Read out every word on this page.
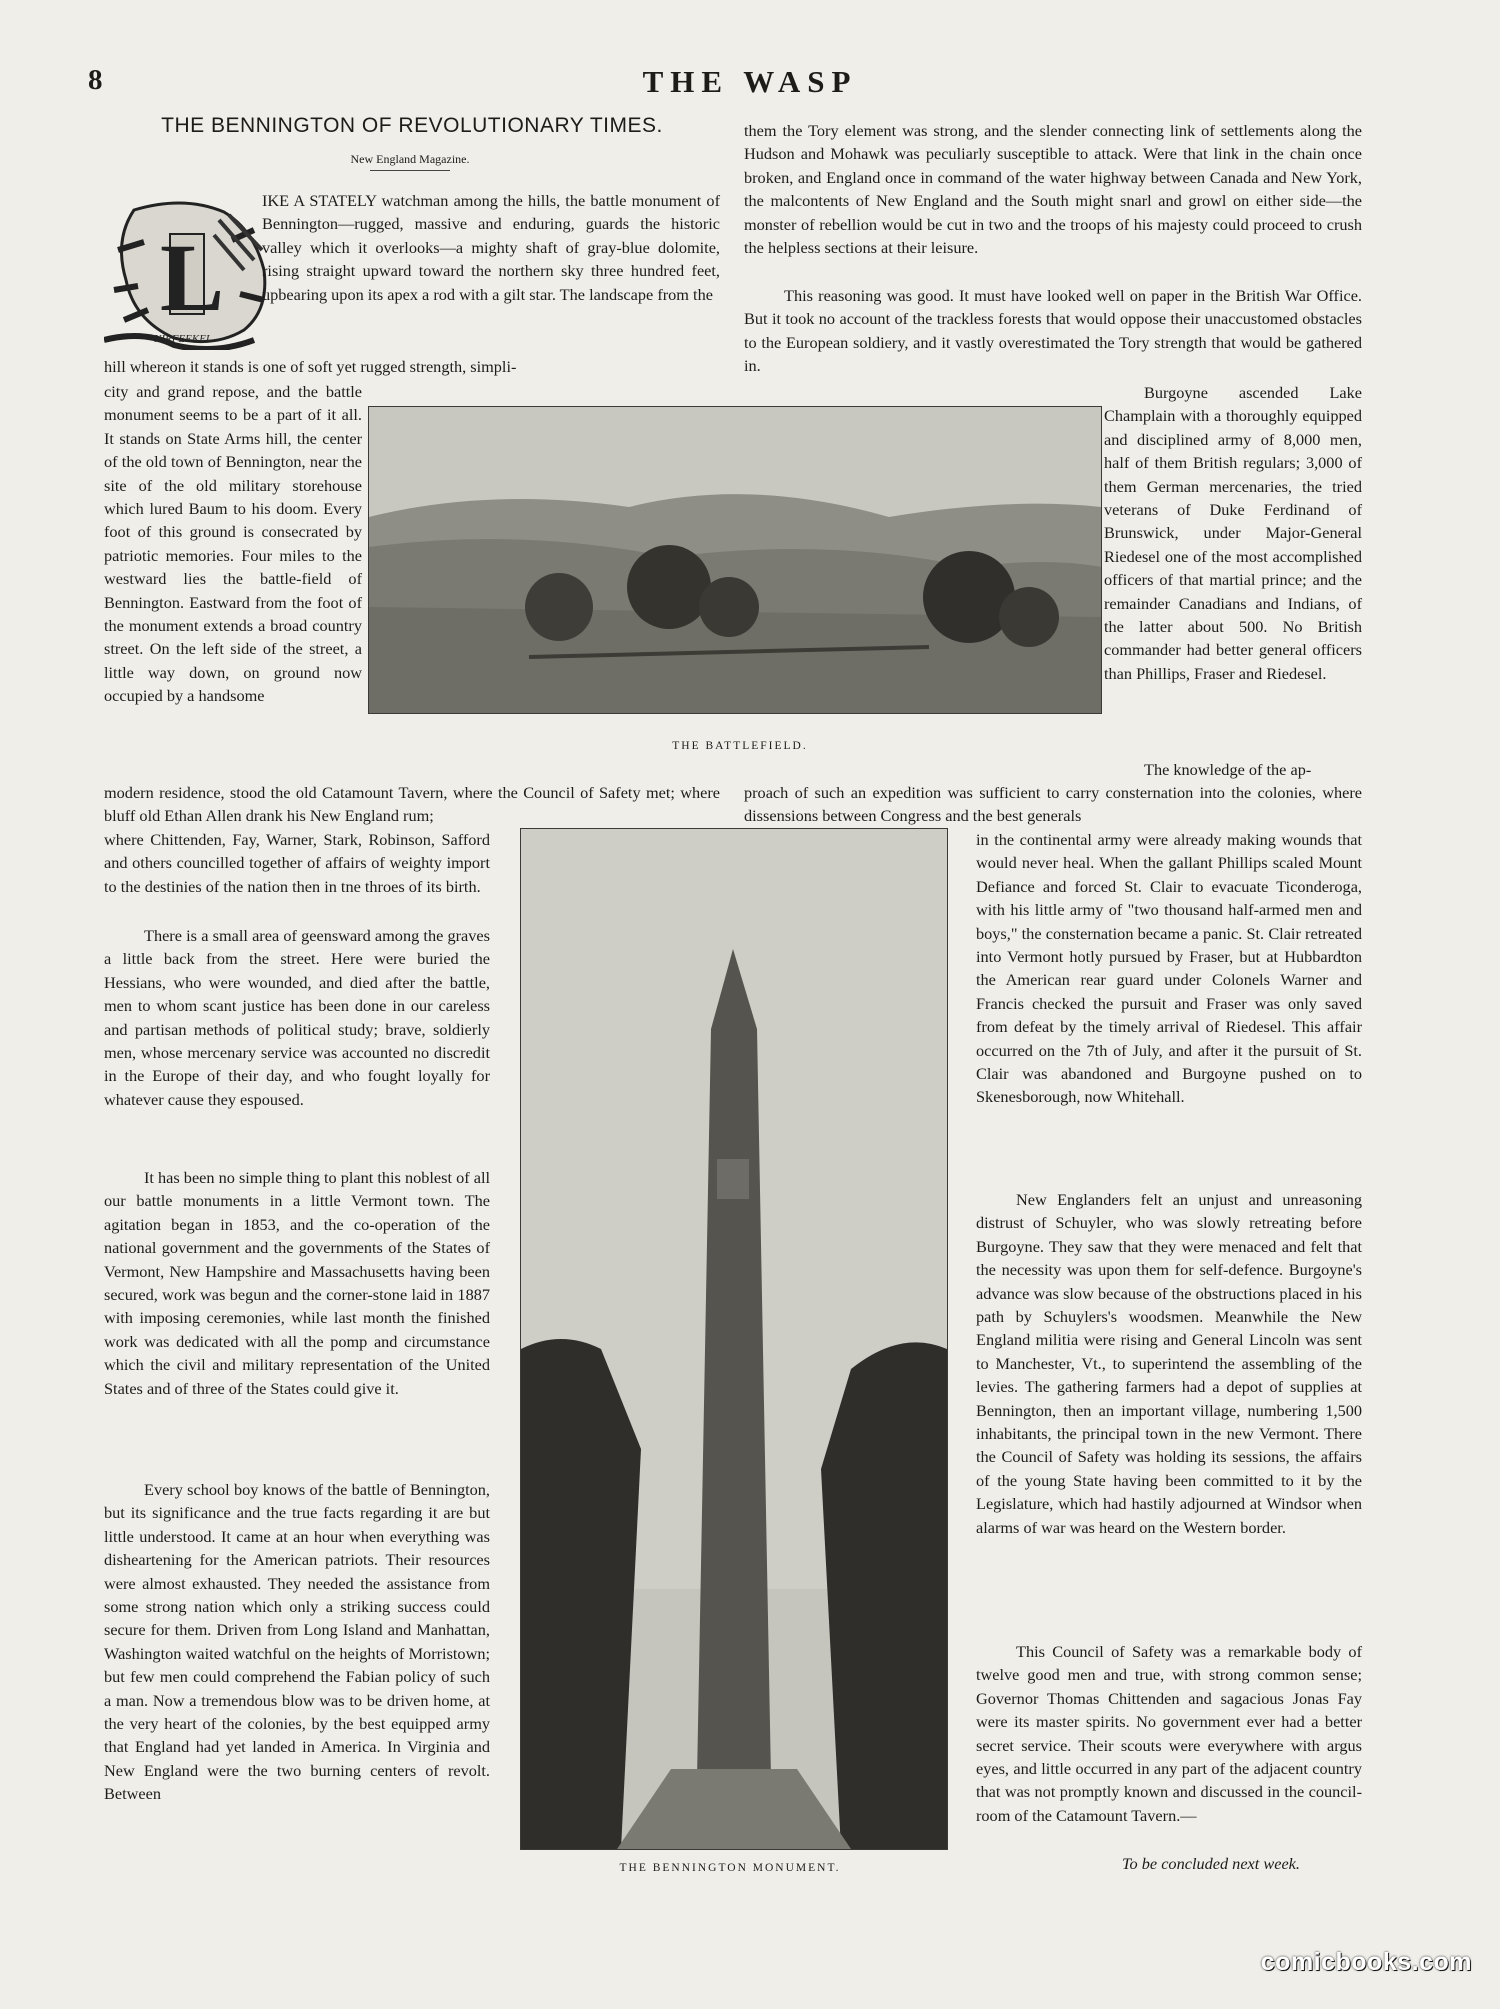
8	THE WASP
THE BENNINGTON OF REVOLUTIONARY TIMES.
New England Magazine.
L
NIRFEEKEL

IKE A STATELY watchman among the hills, the battle monument of Bennington—rugged, massive and enduring, guards the historic valley which it overlooks—a mighty shaft of gray-blue dolomite, rising straight upward toward the northern sky three hundred feet, upbearing upon its apex a rod with a gilt star. The landscape from the

hill whereon it stands is one of soft yet rugged strength, simpli-

city and grand repose, and the battle monument seems to be a part of it all. It stands on State Arms hill, the center of the old town of Bennington, near the site of the old military storehouse which lured Baum to his doom. Every foot of this ground is consecrated by patriotic memories. Four miles to the westward lies the battle-field of Bennington. Eastward from the foot of the monument extends a broad country street. On the left side of the street, a little way down, on ground now occupied by a handsome

modern residence, stood the old Catamount Tavern, where the Council of Safety met; where bluff old Ethan Allen drank his New England rum;

where Chittenden, Fay, Warner, Stark, Robinson, Safford and others councilled together of affairs of weighty import to the destinies of the nation then in tne throes of its birth.

There is a small area of geensward among the graves a little back from the street. Here were buried the Hessians, who were wounded, and died after the battle, men to whom scant justice has been done in our careless and partisan methods of political study; brave, soldierly men, whose mercenary service was accounted no discredit in the Europe of their day, and who fought loyally for whatever cause they espoused.

It has been no simple thing to plant this noblest of all our battle monuments in a little Vermont town. The agitation began in 1853, and the co-operation of the national government and the governments of the States of Vermont, New Hampshire and Massachusetts having been secured, work was begun and the corner-stone laid in 1887 with imposing ceremonies, while last month the finished work was dedicated with all the pomp and circumstance which the civil and military representation of the United States and of three of the States could give it.

Every school boy knows of the battle of Bennington, but its significance and the true facts regarding it are but little understood. It came at an hour when everything was disheartening for the American patriots. Their resources were almost exhausted. They needed the assistance from some strong nation which only a striking success could secure for them. Driven from Long Island and Manhattan, Washington waited watchful on the heights of Morristown; but few men could comprehend the Fabian policy of such a man. Now a tremendous blow was to be driven home, at the very heart of the colonies, by the best equipped army that England had yet landed in America. In Virginia and New England were the two burning centers of revolt. Between

them the Tory element was strong, and the slender connecting link of settlements along the Hudson and Mohawk was peculiarly susceptible to attack. Were that link in the chain once broken, and England once in command of the water highway between Canada and New York, the malcontents of New England and the South might snarl and growl on either side—the monster of rebellion would be cut in two and the troops of his majesty could proceed to crush the helpless sections at their leisure.

This reasoning was good. It must have looked well on paper in the British War Office. But it took no account of the trackless forests that would oppose their unaccustomed obstacles to the European soldiery, and it vastly overestimated the Tory strength that would be gathered in.

Burgoyne ascended Lake Champlain with a thoroughly equipped and disciplined army of 8,000 men, half of them British regulars; 3,000 of them German mercenaries, the tried veterans of Duke Ferdinand of Brunswick, under Major-General Riedesel one of the most accomplished officers of that martial prince; and the remainder Canadians and Indians, of the latter about 500. No British commander had better general officers than Phillips, Fraser and Riedesel.

The knowledge of the ap-

proach of such an expedition was sufficient to carry consternation into the colonies, where dissensions between Congress and the best generals

in the continental army were already making wounds that would never heal. When the gallant Phillips scaled Mount Defiance and forced St. Clair to evacuate Ticonderoga, with his little army of "two thousand half-armed men and boys," the consternation became a panic. St. Clair retreated into Vermont hotly pursued by Fraser, but at Hubbardton the American rear guard under Colonels Warner and Francis checked the pursuit and Fraser was only saved from defeat by the timely arrival of Riedesel. This affair occurred on the 7th of July, and after it the pursuit of St. Clair was abandoned and Burgoyne pushed on to Skenesborough, now Whitehall.

New Englanders felt an unjust and unreasoning distrust of Schuyler, who was slowly retreating before Burgoyne. They saw that they were menaced and felt that the necessity was upon them for self-defence. Burgoyne's advance was slow because of the obstructions placed in his path by Schuylers's woodsmen. Meanwhile the New England militia were rising and General Lincoln was sent to Manchester, Vt., to superintend the assembling of the levies. The gathering farmers had a depot of supplies at Bennington, then an important village, numbering 1,500 inhabitants, the principal town in the new Vermont. There the Council of Safety was holding its sessions, the affairs of the young State having been committed to it by the Legislature, which had hastily adjourned at Windsor when alarms of war was heard on the Western border.

This Council of Safety was a remarkable body of twelve good men and true, with strong common sense; Governor Thomas Chittenden and sagacious Jonas Fay were its master spirits. No government ever had a better secret service. Their scouts were everywhere with argus eyes, and little occurred in any part of the adjacent country that was not promptly known and discussed in the council-room of the Catamount Tavern.—

To be concluded next week.
THE BATTLEFIELD.
THE BENNINGTON MONUMENT.
comicbooks.com
